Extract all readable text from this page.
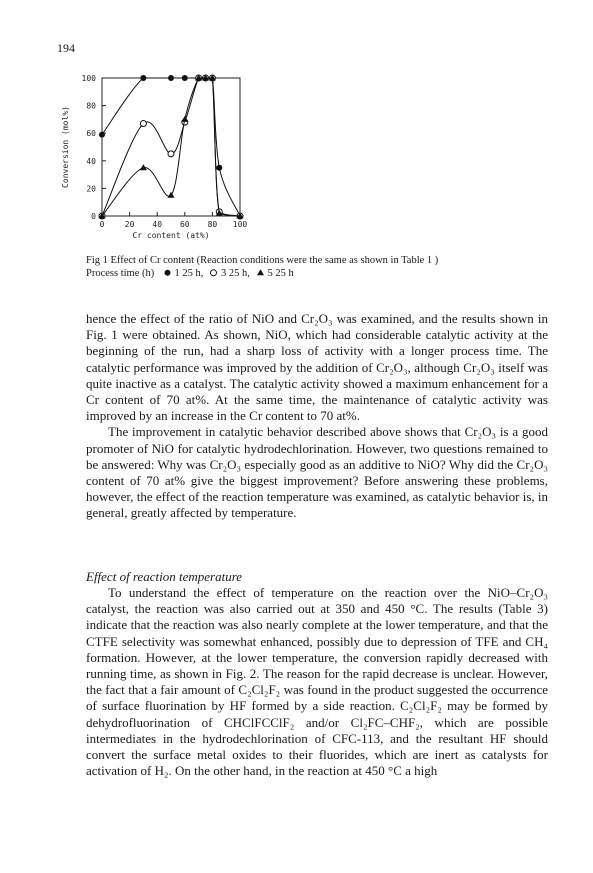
194
0
20
40
60
80
100
0	20 40 60 80 100
Cr content (at%)
Conversion (mol%)
Fig 1 Effect of Cr content (Reaction conditions were the same as shown in Table 1 )
Process time (h)  1 25 h, 3 25 h, 5 25 h

hence the effect of the ratio of NiO and Cr₂O₃ was examined, and the results shown in Fig. 1 were obtained. As shown, NiO, which had considerable catalytic activity at the beginning of the run, had a sharp loss of activity with a longer process time. The catalytic performance was improved by the addition of Cr₂O₃, although Cr₂O₃ itself was quite inactive as a catalyst. The catalytic activity showed a maximum enhancement for a Cr content of 70 at%. At the same time, the maintenance of catalytic activity was improved by an increase in the Cr content to 70 at%.

The improvement in catalytic behavior described above shows that Cr₂O₃ is a good promoter of NiO for catalytic hydrodechlorination. However, two questions remained to be answered: Why was Cr₂O₃ especially good as an additive to NiO? Why did the Cr₂O₃ content of 70 at% give the biggest improvement? Before answering these problems, however, the effect of the reaction temperature was examined, as catalytic behavior is, in general, greatly affected by temperature.

Effect of reaction temperature

To understand the effect of temperature on the reaction over the NiO–Cr₂O₃ catalyst, the reaction was also carried out at 350 and 450 °C. The results (Table 3) indicate that the reaction was also nearly complete at the lower temperature, and that the CTFE selectivity was somewhat enhanced, possibly due to depression of TFE and CH₄ formation. However, at the lower temperature, the conversion rapidly decreased with running time, as shown in Fig. 2. The reason for the rapid decrease is unclear. However, the fact that a fair amount of C₂Cl₂F₂ was found in the product suggested the occurrence of surface fluorination by HF formed by a side reaction. C₂Cl₂F₂ may be formed by dehydrofluorination of CHClFCClF₂ and/or Cl₂FC–CHF₂, which are possible intermediates in the hydrodechlorination of CFC-113, and the resultant HF should convert the surface metal oxides to their fluorides, which are inert as catalysts for activation of H₂. On the other hand, in the reaction at 450 °C a high
